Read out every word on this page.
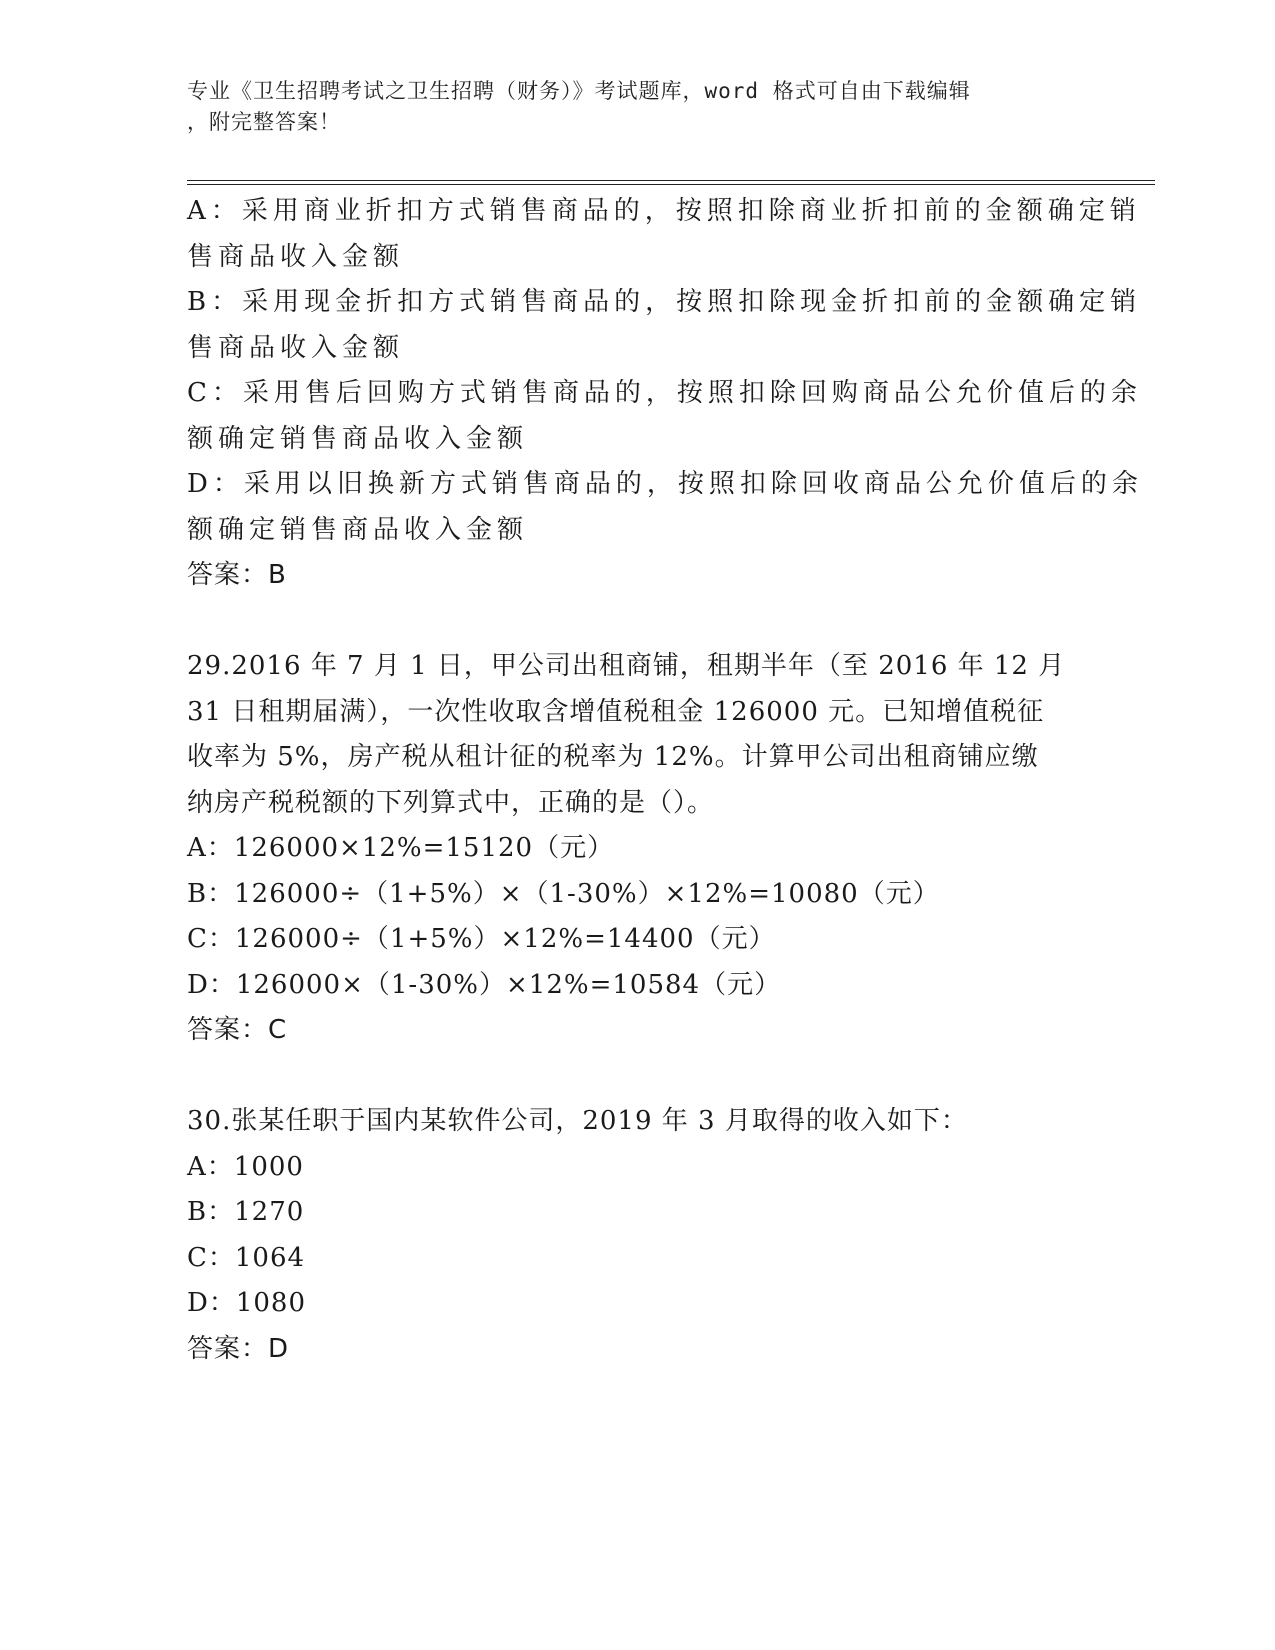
专业《卫生招聘考试之卫生招聘（财务）》考试题库，word 格式可自由下载编辑
，附完整答案！
A：采用商业折扣方式销售商品的，按照扣除商业折扣前的金额确定销
售商品收入金额
B：采用现金折扣方式销售商品的，按照扣除现金折扣前的金额确定销
售商品收入金额
C：采用售后回购方式销售商品的，按照扣除回购商品公允价值后的余
额确定销售商品收入金额
D：采用以旧换新方式销售商品的，按照扣除回收商品公允价值后的余
额确定销售商品收入金额
答案：B
29.2016 年 7 月 1 日，甲公司出租商铺，租期半年（至 2016 年 12 月
31 日租期届满），一次性收取含增值税租金 126000 元。已知增值税征
收率为 5%，房产税从租计征的税率为 12%。计算甲公司出租商铺应缴
纳房产税税额的下列算式中，正确的是（）。
A：126000×12%=15120（元）
B：126000÷（1+5%）×（1-30%）×12%=10080（元）
C：126000÷（1+5%）×12%=14400（元）
D：126000×（1-30%）×12%=10584（元）
答案：C
30.张某任职于国内某软件公司，2019 年 3 月取得的收入如下：
A：1000
B：1270
C：1064
D：1080
答案：D
